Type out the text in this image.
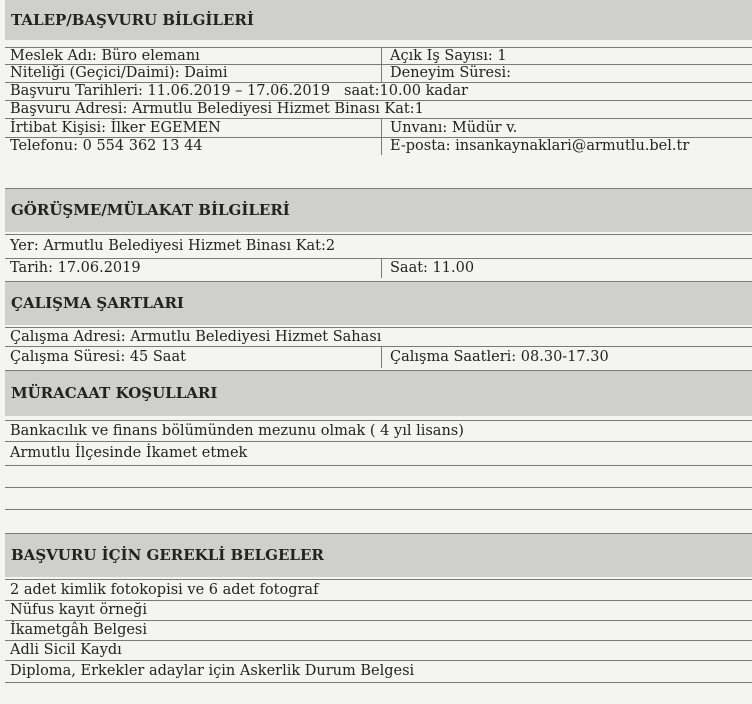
TALEP/BAŞVURU BİLGİLERİ
Meslek Adı: Büro elemanı	Açık İş Sayısı: 1
Niteliği (Geçici/Daimi): Daimi	Deneyim Süresi:
Başvuru Tarihleri: 11.06.2019 – 17.06.2019 saat:10.00 kadar
Başvuru Adresi: Armutlu Belediyesi Hizmet Binası Kat:1
İrtibat Kişisi: İlker EGEMEN	Unvanı: Müdür v.
Telefonu: 0 554 362 13 44	E-posta: insankaynaklari@armutlu.bel.tr
GÖRÜŞME/MÜLAKAT BİLGİLERİ
Yer: Armutlu Belediyesi Hizmet Binası Kat:2
Tarih: 17.06.2019	Saat: 11.00
ÇALIŞMA ŞARTLARI
Çalışma Adresi: Armutlu Belediyesi Hizmet Sahası
Çalışma Süresi: 45 Saat	Çalışma Saatleri: 08.30-17.30
MÜRACAAT KOŞULLARI
Bankacılık ve finans bölümünden mezunu olmak ( 4 yıl lisans)
Armutlu İlçesinde İkamet etmek
BAŞVURU İÇİN GEREKLİ BELGELER
2 adet kimlik fotokopisi ve 6 adet fotograf
Nüfus kayıt örneği
İkametgâh Belgesi
Adli Sicil Kaydı
Diploma, Erkekler adaylar için Askerlik Durum Belgesi
